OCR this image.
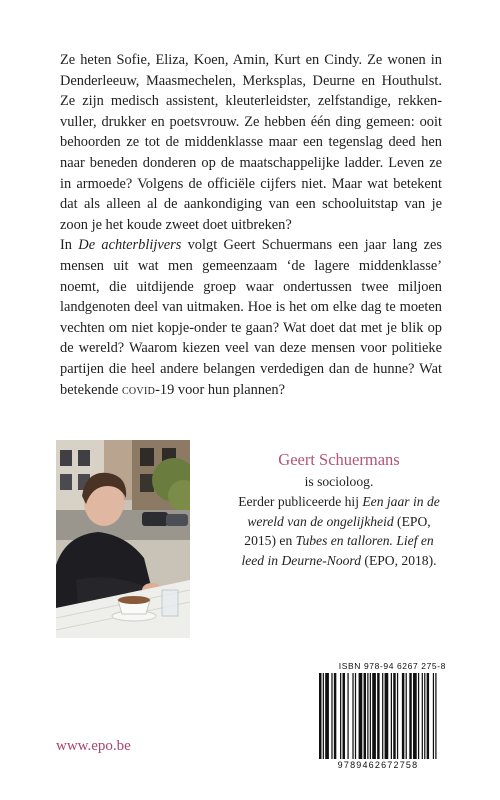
Ze heten Sofie, Eliza, Koen, Amin, Kurt en Cindy. Ze wonen in Denderleeuw, Maasmechelen, Merksplas, Deurne en Houthulst. Ze zijn medisch assistent, kleuterleidster, zelfstandige, rekkenvuller, drukker en poetsvrouw. Ze hebben één ding gemeen: ooit behoorden ze tot de middenklasse maar een tegenslag deed hen naar beneden donderen op de maatschappelijke ladder. Leven ze in armoede? Volgens de officiële cijfers niet. Maar wat betekent dat als alleen al de aankondiging van een schooluitstap van je zoon je het koude zweet doet uitbreken?

In De achterblijvers volgt Geert Schuermans een jaar lang zes mensen uit wat men gemeenzaam ‘de lagere middenklasse’ noemt, die uitdijende groep waar ondertussen twee miljoen landgenoten deel van uitmaken. Hoe is het om elke dag te moeten vechten om niet kopje-onder te gaan? Wat doet dat met je blik op de wereld? Waarom kiezen veel van deze mensen voor politieke partijen die heel andere belangen verdedigen dan de hunne? Wat betekende covid-19 voor hun plannen?

Geert Schuermans
is socioloog.
Eerder publiceerde hij Een jaar in de wereld van de ongelijkheid (EPO, 2015) en Tubes en talloren. Lief en leed in Deurne-Noord (EPO, 2018).
www.epo.be
ISBN 978-94 6267 275-8
9789462672758
